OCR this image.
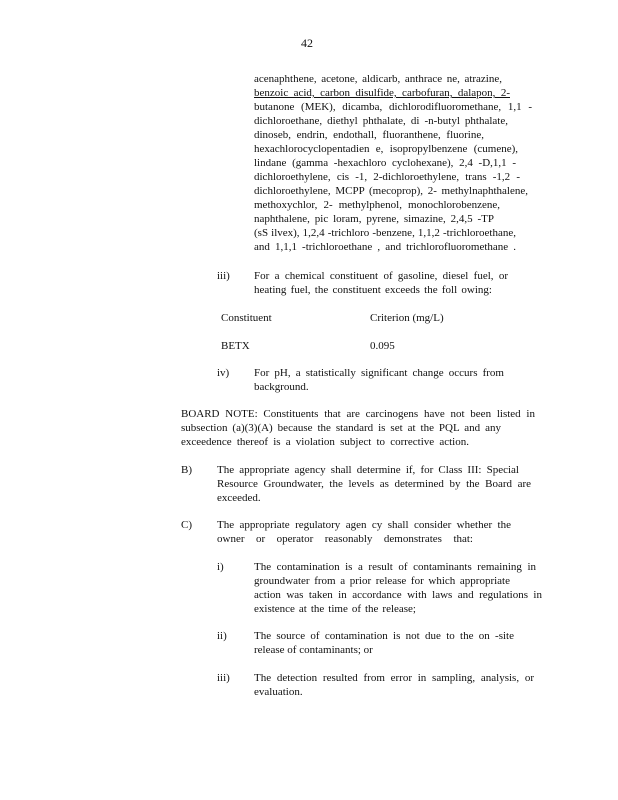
42
acenaphthene, acetone, aldicarb, anthrace ne, atrazine,
benzoic acid, carbon disulfide, carbofuran, dalapon, 2-
butanone (MEK), dicamba, dichlorodifluoromethane, 1,1 -
dichloroethane, diethyl phthalate, di -n-butyl phthalate,
dinoseb, endrin, endothall, fluoranthene, fluorine,
hexachlorocyclopentadien e, isopropylbenzene (cumene),
lindane (gamma -hexachloro cyclohexane), 2,4 -D,1,1 -
dichloroethylene, cis -1, 2-dichloroethylene, trans -1,2 -
dichloroethylene, MCPP (mecoprop), 2- methylnaphthalene,
methoxychlor, 2- methylphenol, monochlorobenzene,
naphthalene, pic loram, pyrene, simazine, 2,4,5 -TP
(sS ilvex), 1,2,4 -trichloro -benzene, 1,1,2 -trichloroethane,
and 1,1,1 -trichloroethane , and trichlorofluoromethane .
iii) For a chemical constituent of gasoline, diesel fuel, or
heating fuel, the constituent exceeds the foll owing:
Constituent	Criterion (mg/L)
BETX	0.095
iv) For pH, a statistically significant change occurs from
background.
BOARD NOTE: Constituents that are carcinogens have not been listed in
subsection (a)(3)(A) because the standard is set at the PQL and any
exceedence thereof is a violation subject to corrective action.
B) The appropriate agency shall determine if, for Class III: Special
Resource Groundwater, the levels as determined by the Board are
exceeded.
C) The appropriate regulatory agen cy shall consider whether the
owner or operator reasonably demonstrates that:
i)	The contamination is a result of contaminants remaining in
groundwater from a prior release for which appropriate
action was taken in accordance with laws and regulations in
existence at the time of the release;
ii) The source of contamination is not due to the on -site
release of contaminants; or
iii) The detection resulted from error in sampling, analysis, or
evaluation.
